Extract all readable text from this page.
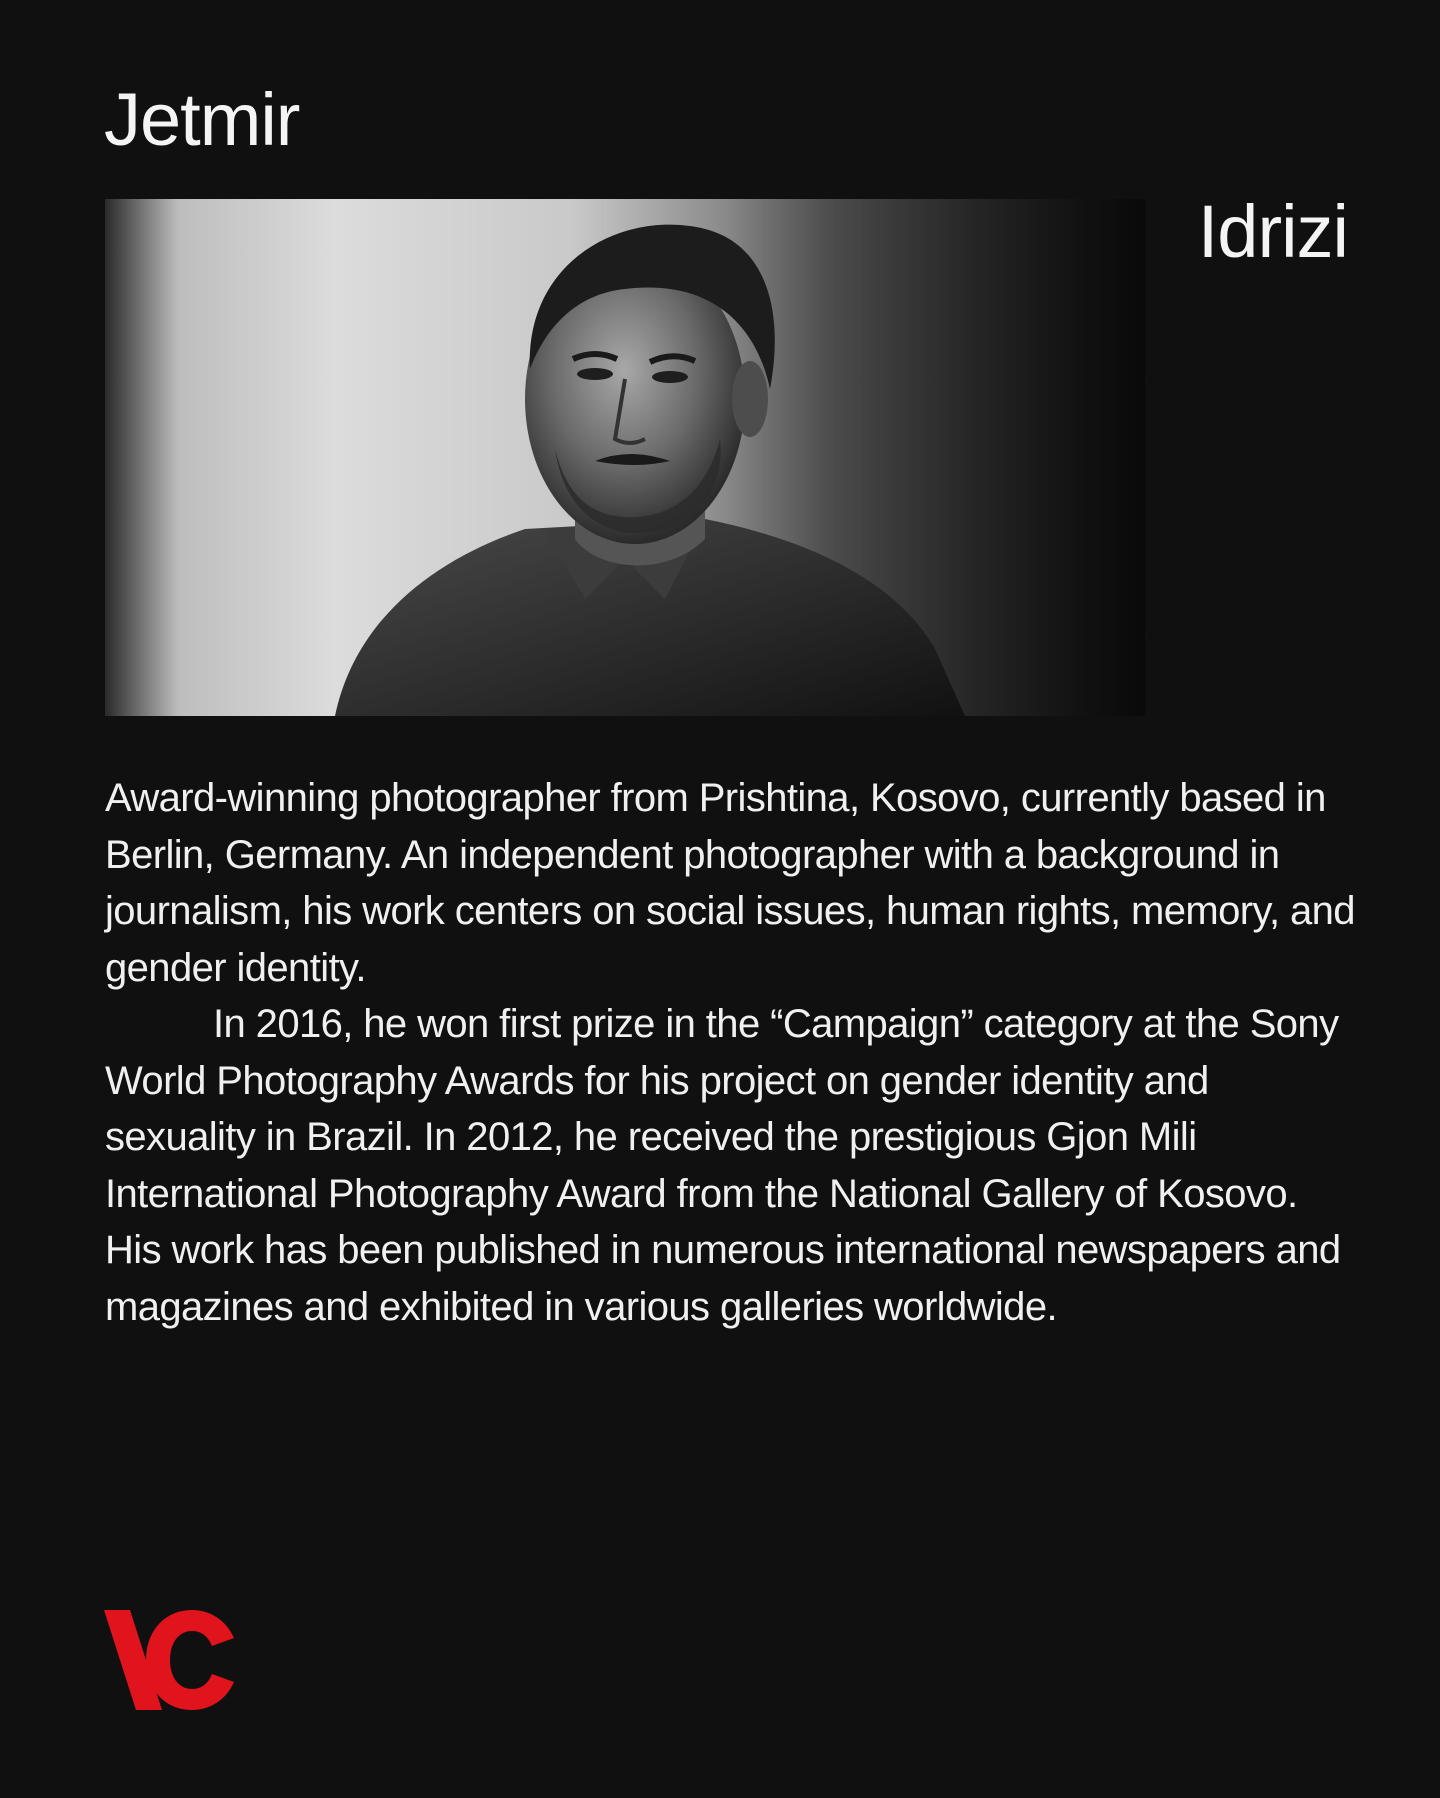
Jetmir
Idrizi

Award-winning photographer from Prishtina, Kosovo, currently based in Berlin, Germany. An independent photographer with a background in journalism, his work centers on social issues, human rights, memory, and gender identity.

In 2016, he won first prize in the “Campaign” category at the Sony World Photography Awards for his project on gender identity and sexuality in Brazil. In 2012, he received the prestigious Gjon Mili International Photography Award from the National Gallery of Kosovo. His work has been published in numerous international newspapers and magazines and exhibited in various galleries worldwide.
